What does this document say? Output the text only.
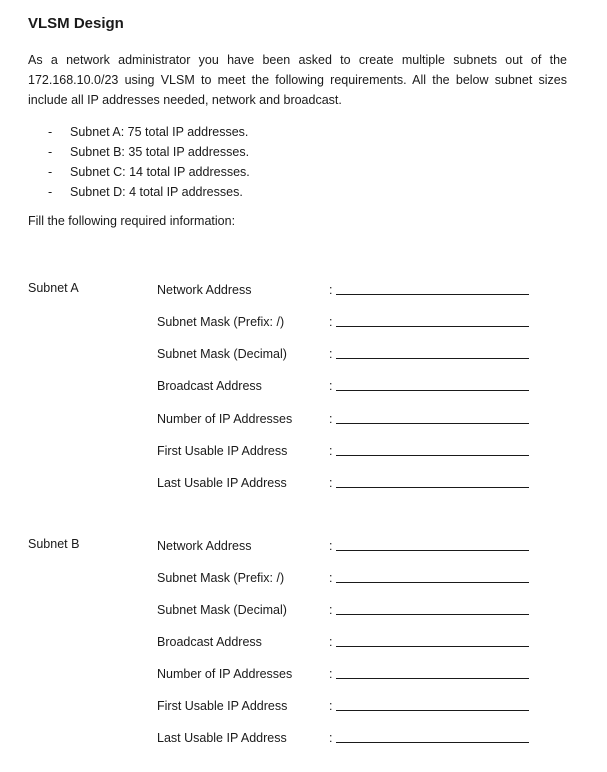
VLSM Design

As a network administrator you have been asked to create multiple subnets out of the 172.168.10.0/23 using VLSM to meet the following requirements. All the below subnet sizes include all IP addresses needed, network and broadcast.

- Subnet A: 75 total IP addresses.
- Subnet B: 35 total IP addresses.
- Subnet C: 14 total IP addresses.
- Subnet D: 4 total IP addresses.
Fill the following required information:
Subnet A	Network Address	:
Subnet Mask (Prefix: /)	:
Subnet Mask (Decimal)	:
Broadcast Address	:
Number of IP Addresses	:
First Usable IP Address	:
Last Usable IP Address	:
Subnet B	Network Address	:
Subnet Mask (Prefix: /)	:
Subnet Mask (Decimal)	:
Broadcast Address	:
Number of IP Addresses	:
First Usable IP Address	:
Last Usable IP Address	:
